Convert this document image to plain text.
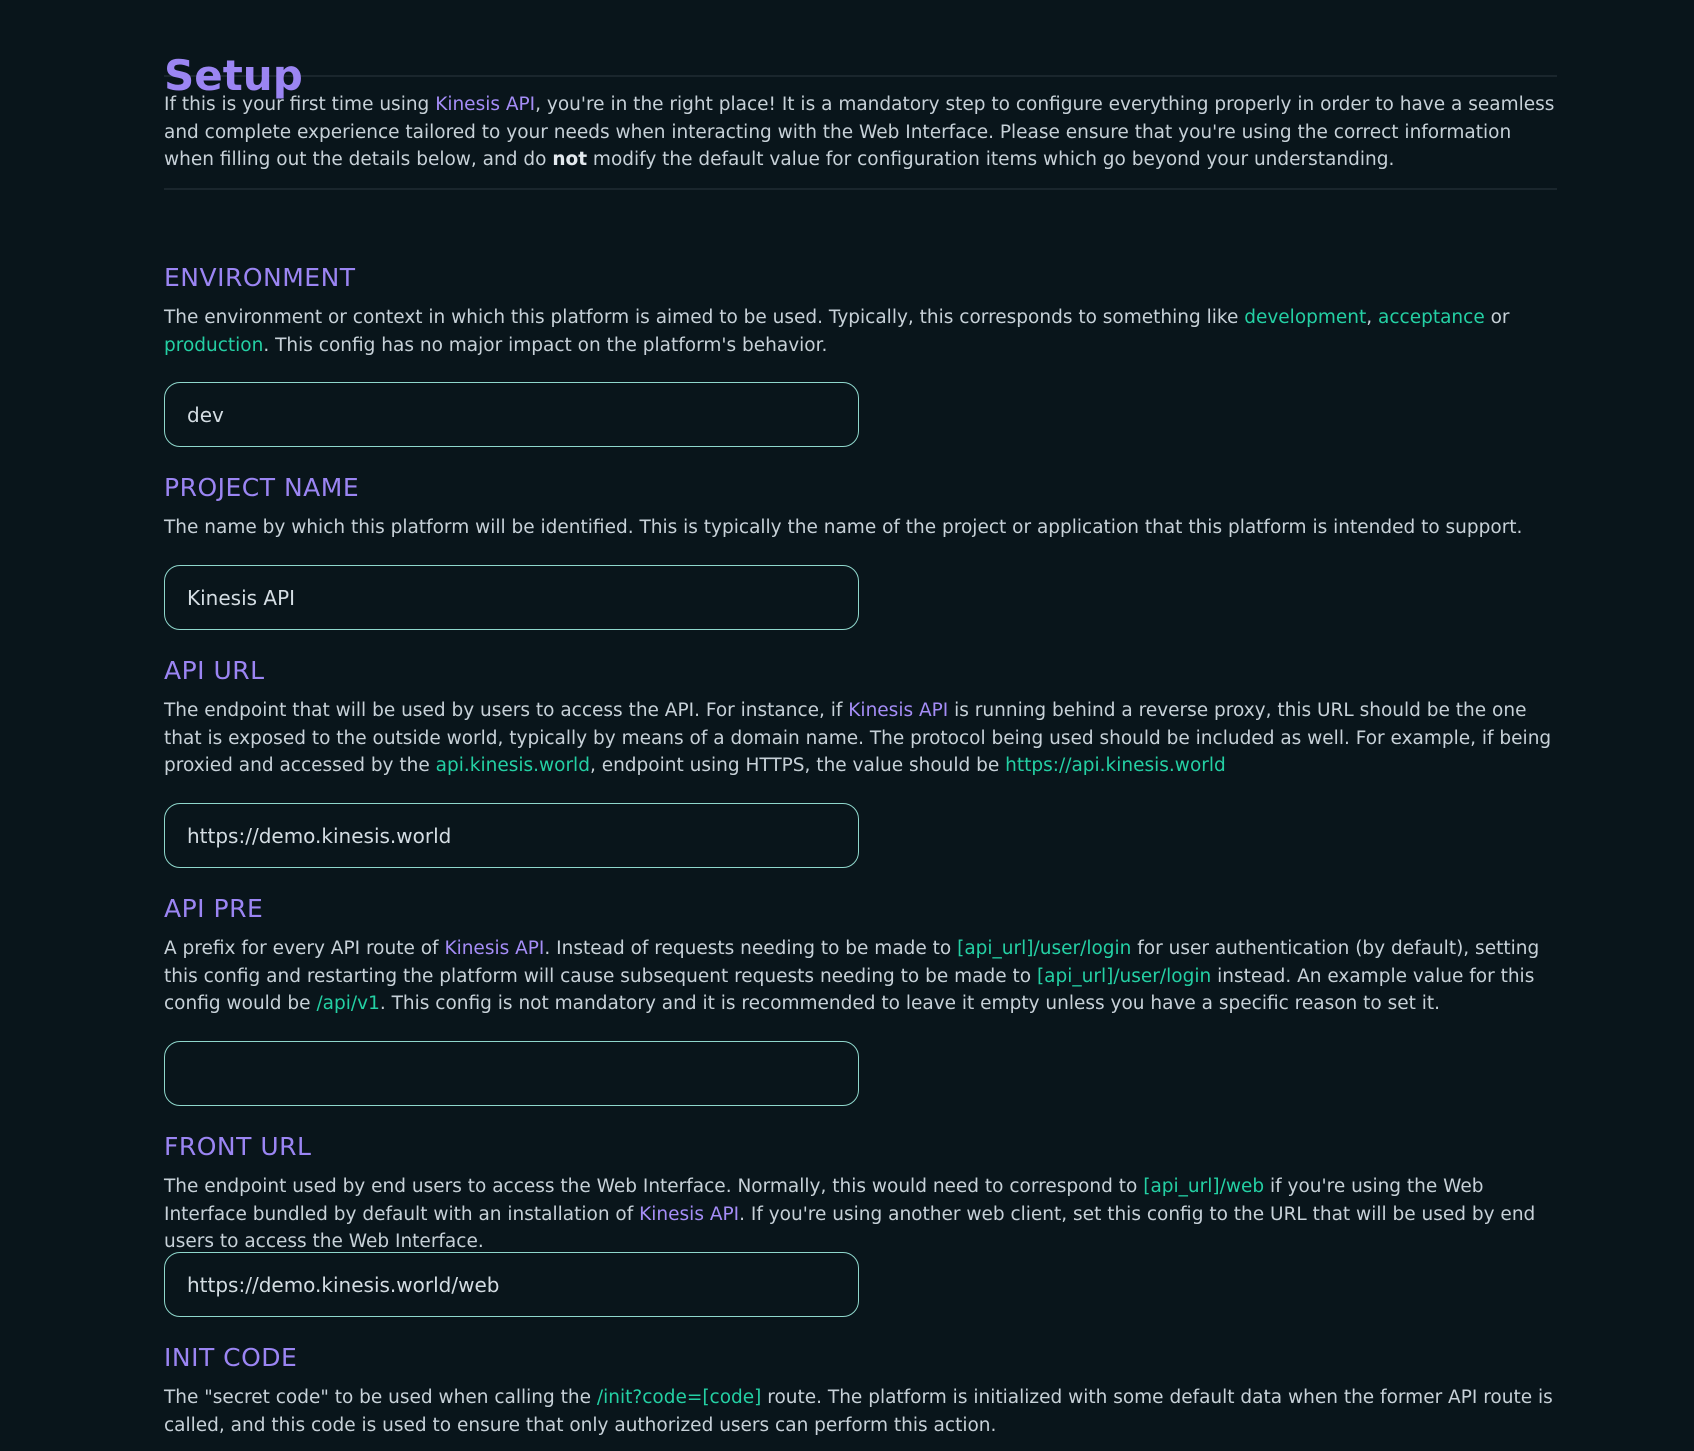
Setup

If this is your first time using Kinesis API, you're in the right place! It is a mandatory step to configure everything properly in order to have a seamless and complete experience tailored to your needs when interacting with the Web Interface. Please ensure that you're using the correct information when filling out the details below, and do not modify the default value for configuration items which go beyond your understanding.

ENVIRONMENT

The environment or context in which this platform is aimed to be used. Typically, this corresponds to something like development, acceptance or production. This config has no major impact on the platform's behavior.

dev
PROJECT NAME

The name by which this platform will be identified. This is typically the name of the project or application that this platform is intended to support.

Kinesis API
API URL

The endpoint that will be used by users to access the API. For instance, if Kinesis API is running behind a reverse proxy, this URL should be the one that is exposed to the outside world, typically by means of a domain name. The protocol being used should be included as well. For example, if being proxied and accessed by the api.kinesis.world, endpoint using HTTPS, the value should be https://api.kinesis.world

https://demo.kinesis.world
API PRE

A prefix for every API route of Kinesis API. Instead of requests needing to be made to [api_url]/user/login for user authentication (by default), setting this config and restarting the platform will cause subsequent requests needing to be made to [api_url]/user/login instead. An example value for this config would be /api/v1. This config is not mandatory and it is recommended to leave it empty unless you have a specific reason to set it.

FRONT URL

The endpoint used by end users to access the Web Interface. Normally, this would need to correspond to [api_url]/web if you're using the Web Interface bundled by default with an installation of Kinesis API. If you're using another web client, set this config to the URL that will be used by end users to access the Web Interface.

https://demo.kinesis.world/web
INIT CODE

The "secret code" to be used when calling the /init?code=[code] route. The platform is initialized with some default data when the former API route is called, and this code is used to ensure that only authorized users can perform this action.
